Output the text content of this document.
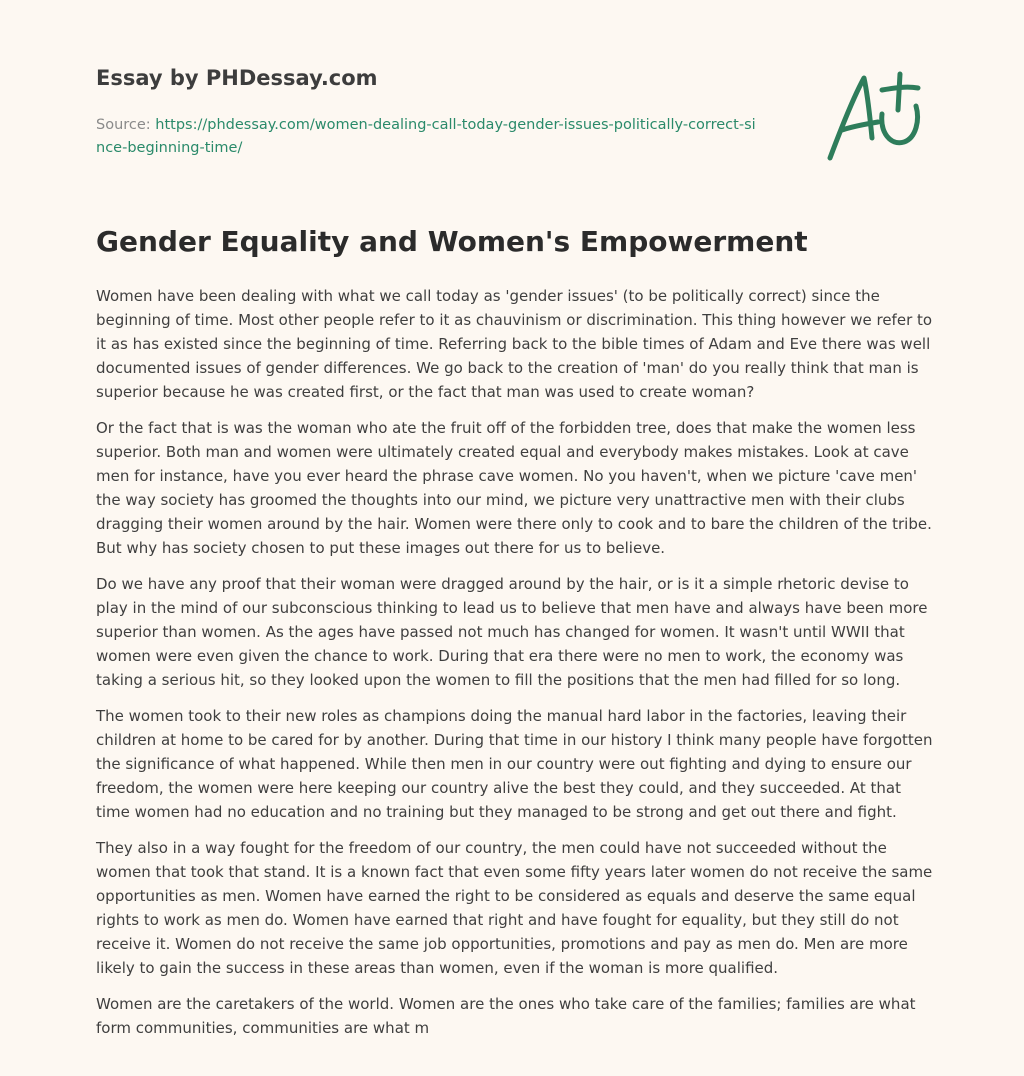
Essay by PHDessay.com
Source: https://phdessay.com/women-dealing-call-today-gender-issues-politically-correct-since-beginning-time/
Gender Equality and Women's Empowerment

Women have been dealing with what we call today as 'gender issues' (to be politically correct) since the beginning of time. Most other people refer to it as chauvinism or discrimination. This thing however we refer to it as has existed since the beginning of time. Referring back to the bible times of Adam and Eve there was well documented issues of gender differences. We go back to the creation of 'man' do you really think that man is superior because he was created first, or the fact that man was used to create woman?

Or the fact that is was the woman who ate the fruit off of the forbidden tree, does that make the women less superior. Both man and women were ultimately created equal and everybody makes mistakes. Look at cave men for instance, have you ever heard the phrase cave women. No you haven't, when we picture 'cave men' the way society has groomed the thoughts into our mind, we picture very unattractive men with their clubs dragging their women around by the hair. Women were there only to cook and to bare the children of the tribe. But why has society chosen to put these images out there for us to believe.

Do we have any proof that their woman were dragged around by the hair, or is it a simple rhetoric devise to play in the mind of our subconscious thinking to lead us to believe that men have and always have been more superior than women. As the ages have passed not much has changed for women. It wasn't until WWII that women were even given the chance to work. During that era there were no men to work, the economy was taking a serious hit, so they looked upon the women to fill the positions that the men had filled for so long.

The women took to their new roles as champions doing the manual hard labor in the factories, leaving their children at home to be cared for by another. During that time in our history I think many people have forgotten the significance of what happened. While then men in our country were out fighting and dying to ensure our freedom, the women were here keeping our country alive the best they could, and they succeeded. At that time women had no education and no training but they managed to be strong and get out there and fight.

They also in a way fought for the freedom of our country, the men could have not succeeded without the women that took that stand. It is a known fact that even some fifty years later women do not receive the same opportunities as men. Women have earned the right to be considered as equals and deserve the same equal rights to work as men do. Women have earned that right and have fought for equality, but they still do not receive it. Women do not receive the same job opportunities, promotions and pay as men do. Men are more likely to gain the success in these areas than women, even if the woman is more qualified.

Women are the caretakers of the world. Women are the ones who take care of the families; families are what form communities, communities are what m
